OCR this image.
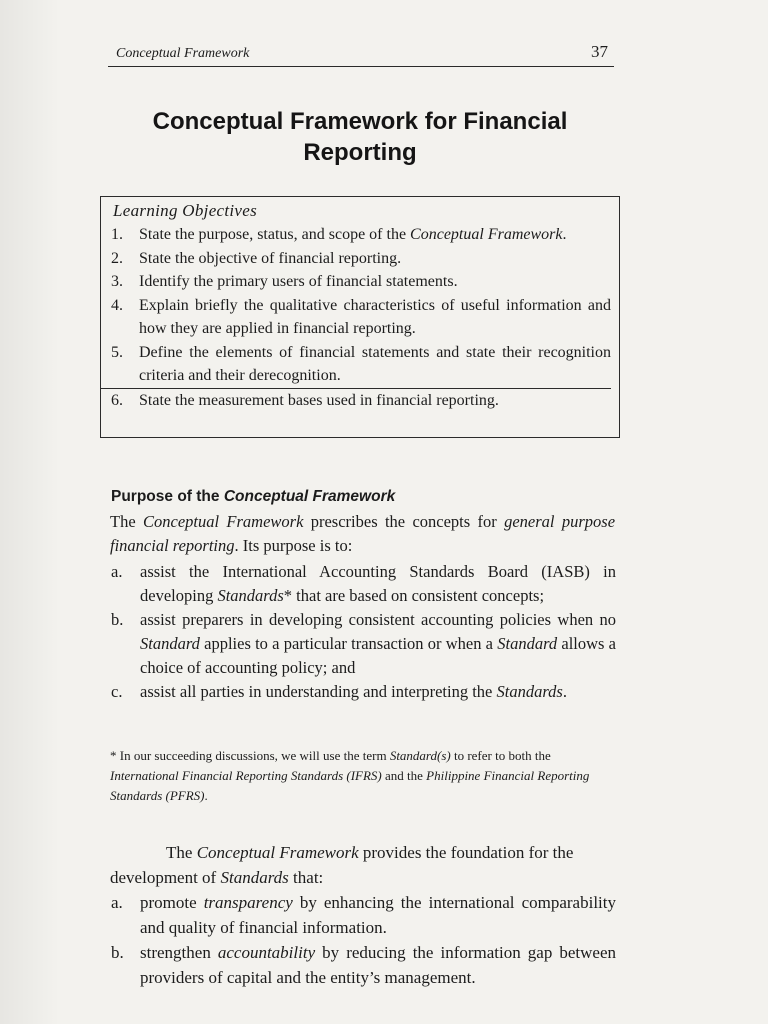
Conceptual Framework	37
Conceptual Framework for Financial
Reporting
Learning Objectives
1. State the purpose, status, and scope of the Conceptual Framework.
2. State the objective of financial reporting.
3. Identify the primary users of financial statements.
4. Explain briefly the qualitative characteristics of useful information and how they are applied in financial reporting.
5. Define the elements of financial statements and state their recognition criteria and their derecognition.
6. State the measurement bases used in financial reporting.
Purpose of the Conceptual Framework
The Conceptual Framework prescribes the concepts for general purpose financial reporting. Its purpose is to:
a. assist the International Accounting Standards Board (IASB) in developing Standards* that are based on consistent concepts;
b. assist preparers in developing consistent accounting policies when no Standard applies to a particular transaction or when a Standard allows a choice of accounting policy; and
c. assist all parties in understanding and interpreting the Standards.
* In our succeeding discussions, we will use the term Standard(s) to refer to both the International Financial Reporting Standards (IFRS) and the Philippine Financial Reporting Standards (PFRS).
The Conceptual Framework provides the foundation for the development of Standards that:
a. promote transparency by enhancing the international comparability and quality of financial information.
b. strengthen accountability by reducing the information gap between providers of capital and the entity’s management.
